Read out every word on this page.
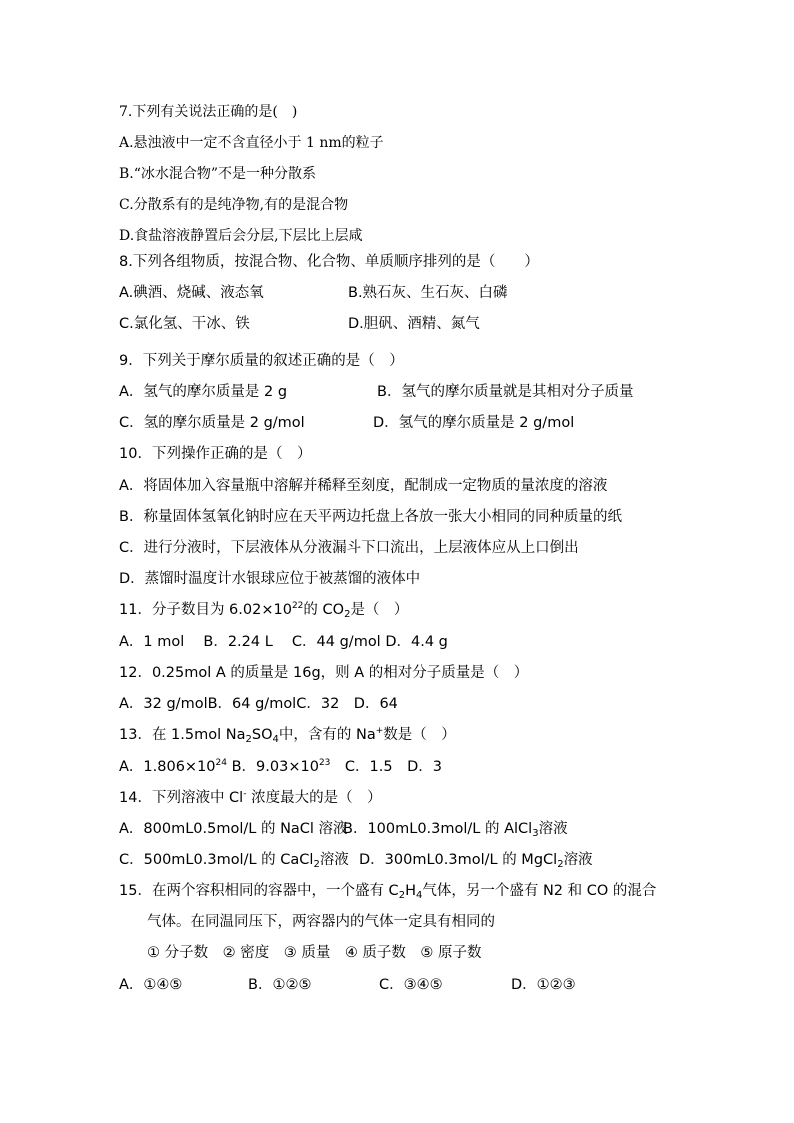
7.下列有关说法正确的是(　)
A.悬浊液中一定不含直径小于 1 nm的粒子
B.“冰水混合物”不是一种分散系
C.分散系有的是纯净物,有的是混合物
D.食盐溶液静置后会分层,下层比上层咸
8.下列各组物质，按混合物、化合物、单质顺序排列的是（　　）
A.碘酒、烧碱、液态氧	B.熟石灰、生石灰、白磷
C.氯化氢、干冰、铁	D.胆矾、酒精、氮气
9．下列关于摩尔质量的叙述正确的是（　）
A．氢气的摩尔质量是 2 g	B．氢气的摩尔质量就是其相对分子质量
C．氢的摩尔质量是 2 g/mol	D．氢气的摩尔质量是 2 g/mol
10．下列操作正确的是（　）
A．将固体加入容量瓶中溶解并稀释至刻度，配制成一定物质的量浓度的溶液
B．称量固体氢氧化钠时应在天平两边托盘上各放一张大小相同的同种质量的纸
C．进行分液时，下层液体从分液漏斗下口流出，上层液体应从上口倒出
D．蒸馏时温度计水银球应位于被蒸馏的液体中
11．分子数目为 $6.02\times 10^{22}$的 $CO_2$是（　）
A．1 mol　 B．2.24 L　 C．44 g/mol D．4.4 g
12．0.25mol A 的质量是 16g，则 A 的相对分子质量是（　）
A．32 g/molB．64 g/molC．32　D．64
13．在 1.5mol $Na_2SO_4$中，含有的 Na+数是（　）
A．$1.806\times 10^{24}$ B．$9.03\times 10^{23}$　C．1.5　D．3
14．下列溶液中 Cl- 浓度最大的是（　）
A．800mL0.5mol/L 的 NaCl 溶液
B．100mL0.3mol/L 的 AlCl$_3$溶液
C．500mL0.3mol/L 的 CaCl$_2$溶液 D．300mL0.3mol/L 的 MgCl$_2$溶液
15．在两个容积相同的容器中，一个盛有 $C_2H_4$气体，另一个盛有 N2 和 CO 的混合
气体。在同温同压下，两容器内的气体一定具有相同的
① 分子数　② 密度　③ 质量　④ 质子数　⑤ 原子数
A．①④⑤	B．①②⑤	C．③④⑤	D．①②③
